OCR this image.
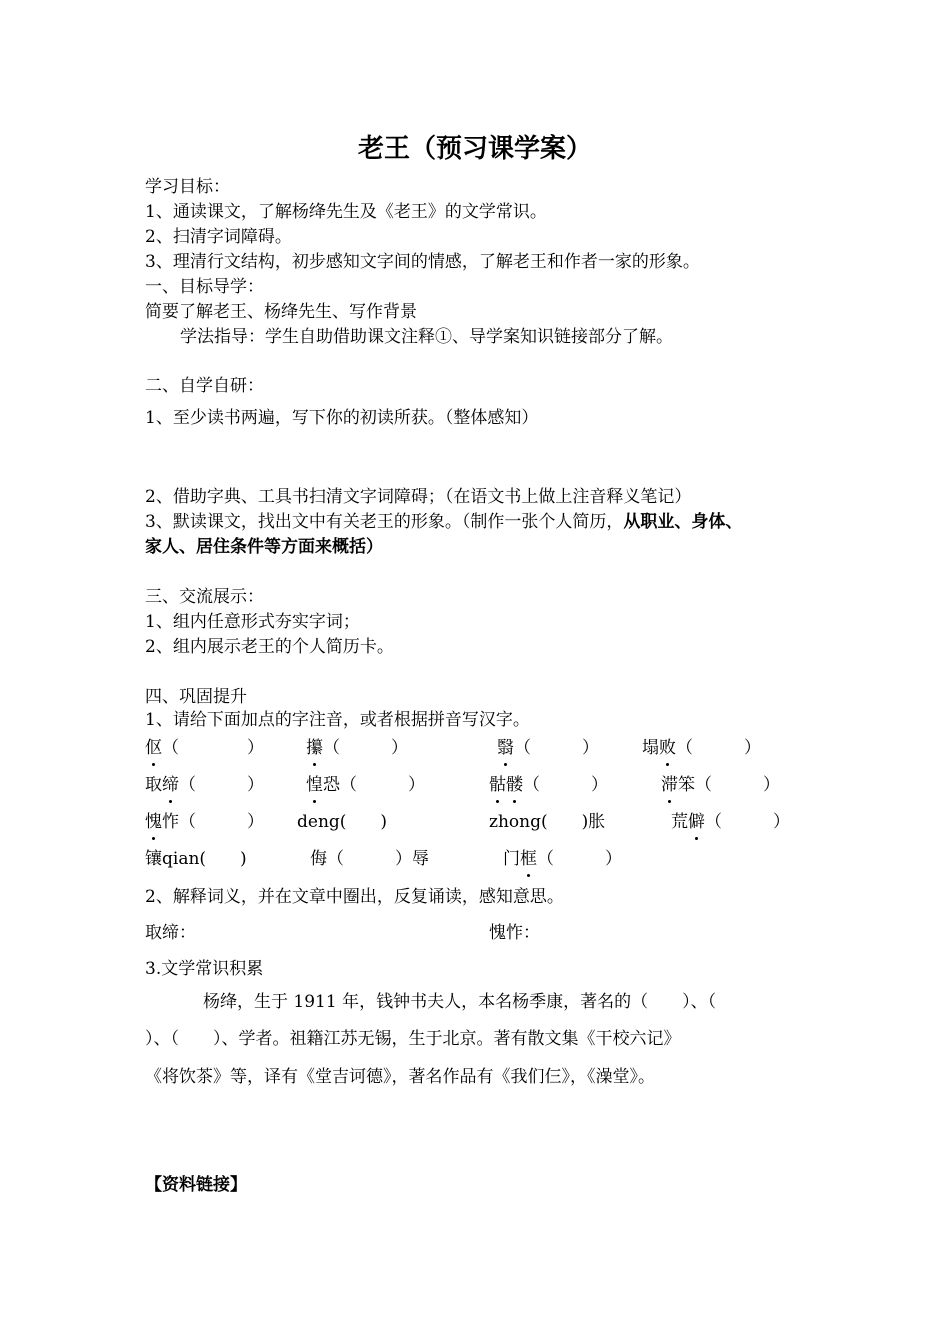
老王（预习课学案）
学习目标：
1、通读课文，了解杨绛先生及《老王》的文学常识。
2、扫清字词障碍。
3、理清行文结构，初步感知文字间的情感，了解老王和作者一家的形象。
一、目标导学：
简要了解老王、杨绛先生、写作背景
学法指导：学生自助借助课文注释①、导学案知识链接部分了解。
二、自学自研：
1、至少读书两遍，写下你的初读所获。（整体感知）
2、借助字典、工具书扫清文字词障碍；（在语文书上做上注音释义笔记）
3、默读课文，找出文中有关老王的形象。（制作一张个人简历，从职业、身体、
家人、居住条件等方面来概括）
三、交流展示：
1、组内任意形式夯实字词；
2、组内展示老王的个人简历卡。
四、巩固提升
1、请给下面加点的字注音，或者根据拼音写汉字。
伛（　　　　） 攥（　　　）	翳（　　　）	塌败（　　　）
取缔（　　　） 惶恐（　　　）	骷髅（　　　）	滞笨（　　　）
愧怍（　　　） deng(　　)	zhong(　　)胀	荒僻（　　　）
镶qian(　　)	侮（　　　）辱	门框（　　　）
2、解释词义，并在文章中圈出，反复诵读，感知意思。
取缔：	愧怍：
3.文学常识积累
杨绛，生于 1911 年，钱钟书夫人，本名杨季康，著名的（　　）、（
）、（　　）、学者。祖籍江苏无锡，生于北京。著有散文集《干校六记》
《将饮茶》等，译有《堂吉诃德》，著名作品有《我们仨》，《澡堂》。
【资料链接】
